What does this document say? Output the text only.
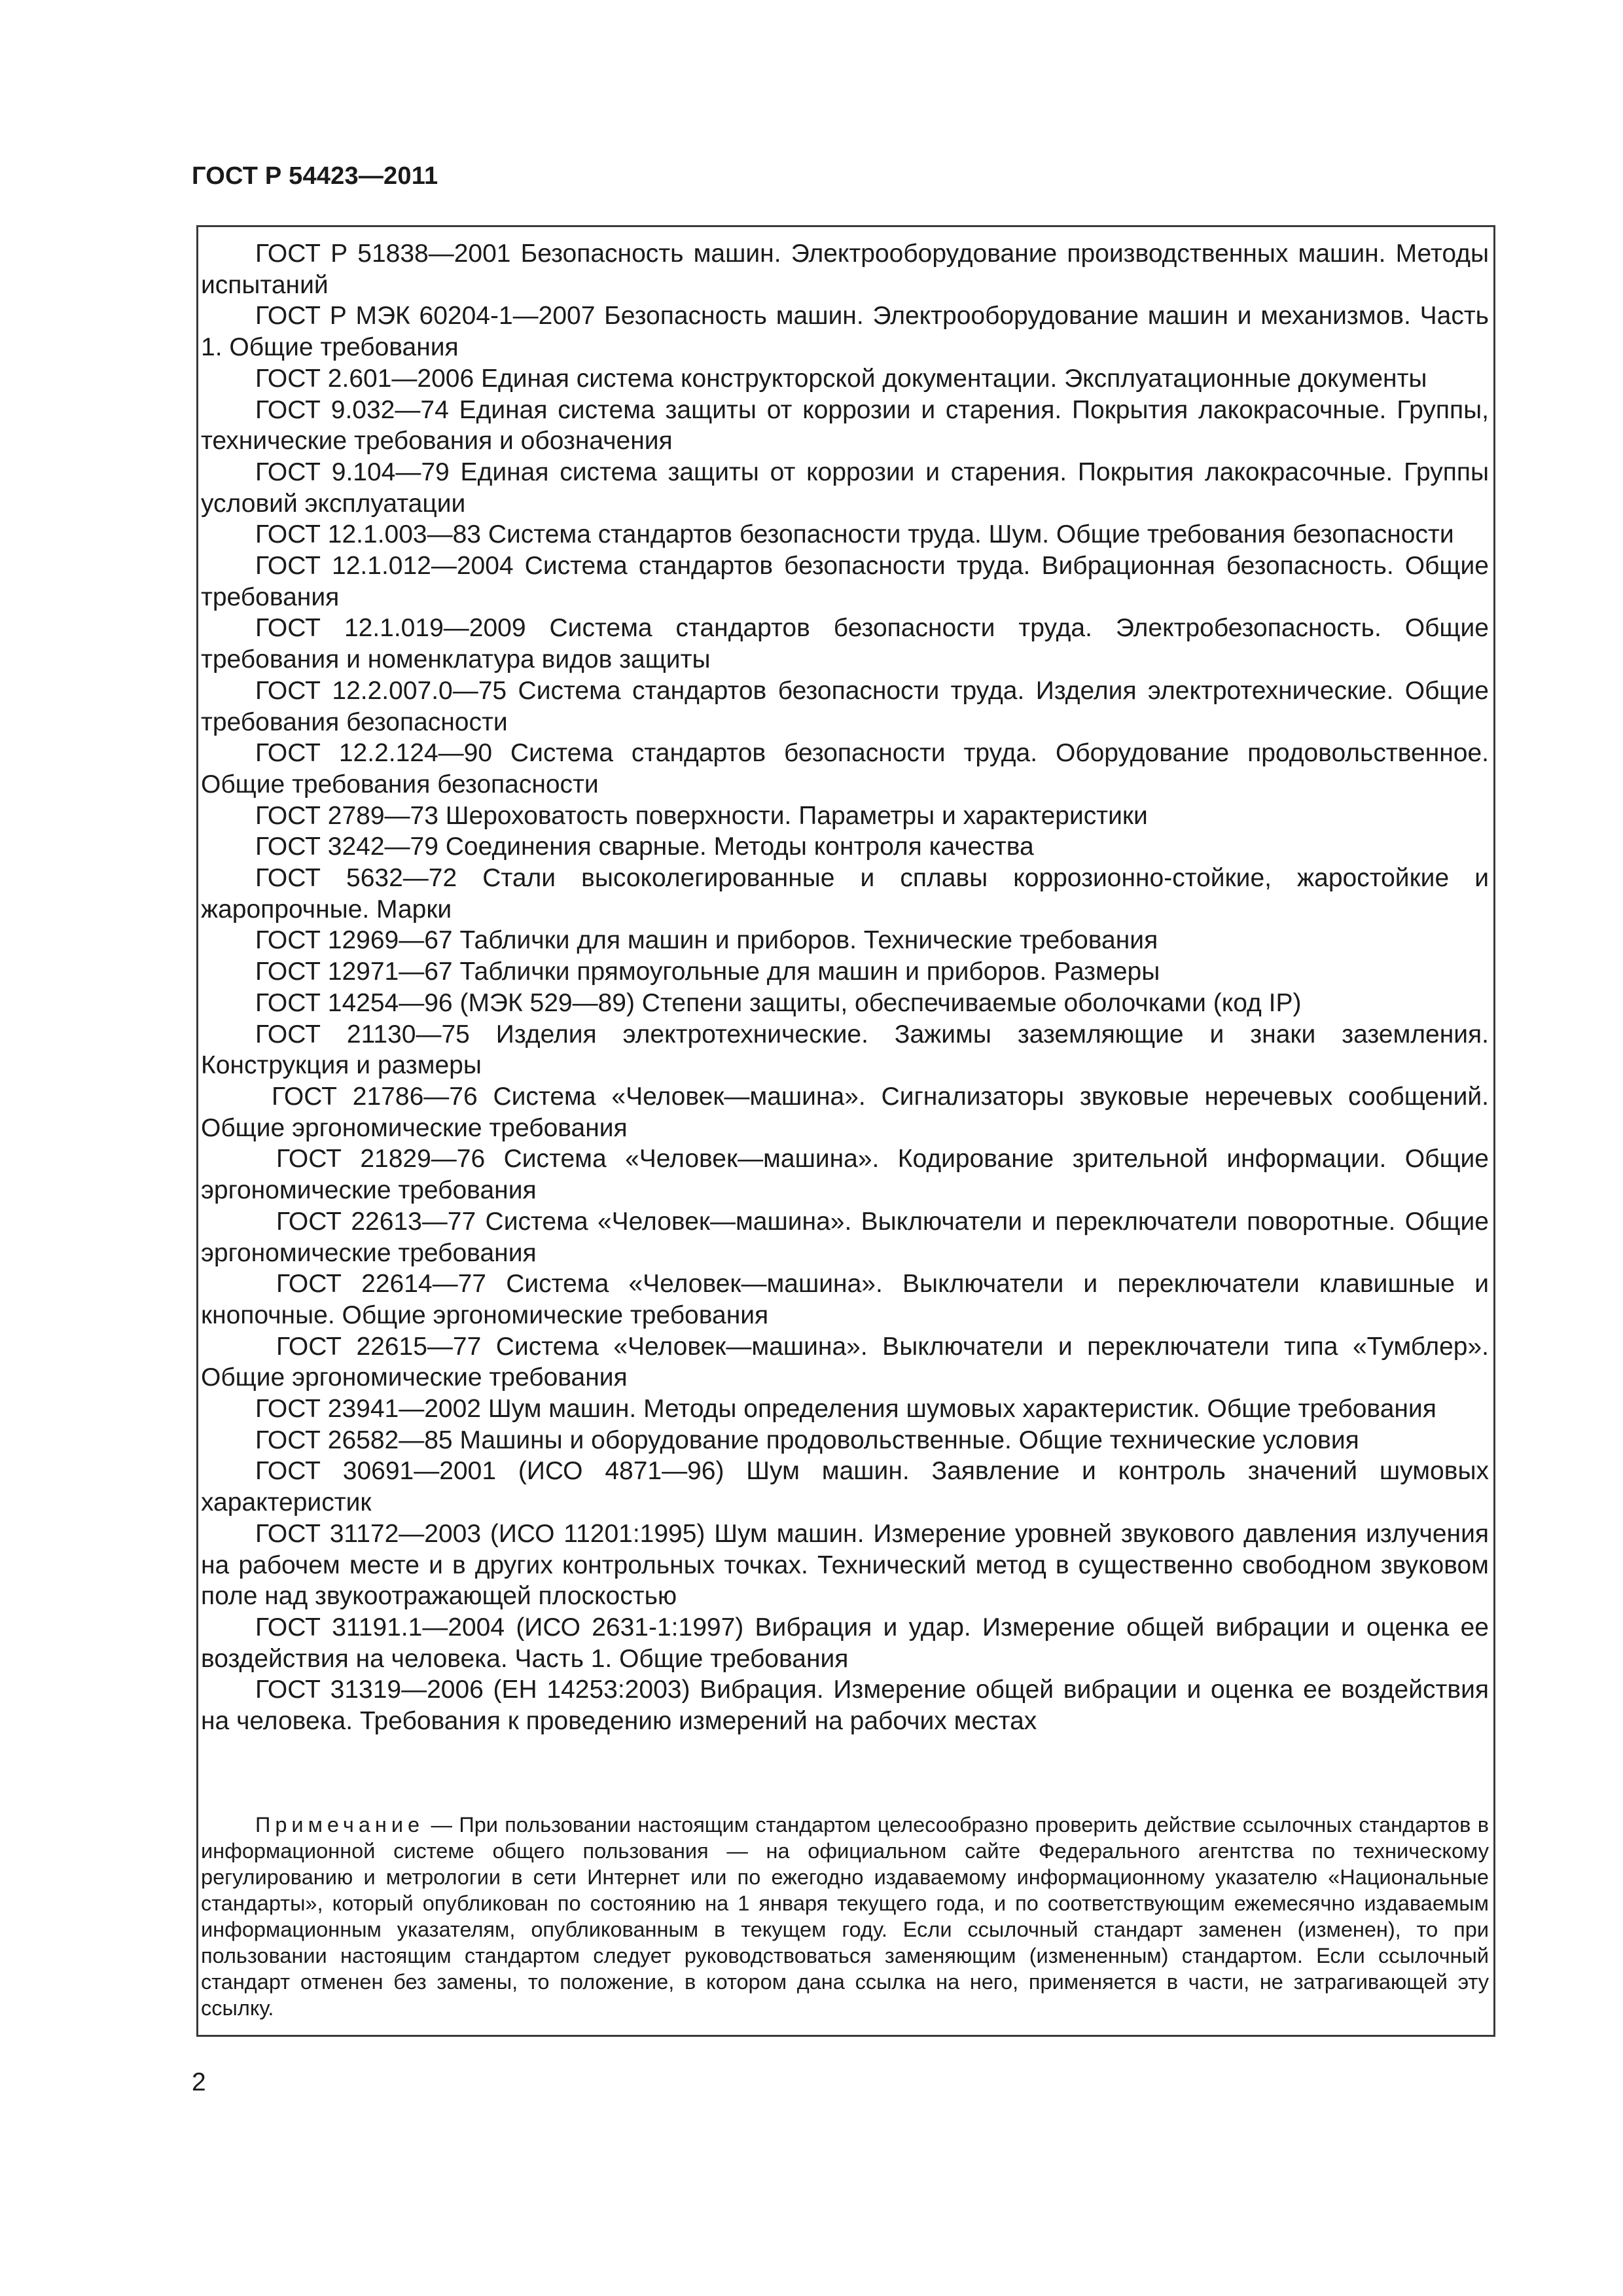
ГОСТ Р 54423—2011
ГОСТ Р 51838—2001 Безопасность машин. Электрооборудование производственных машин. Методы испытаний
ГОСТ Р МЭК 60204-1—2007 Безопасность машин. Электрооборудование машин и механизмов. Часть 1. Общие требования
ГОСТ 2.601—2006 Единая система конструкторской документации. Эксплуатационные документы
ГОСТ 9.032—74 Единая система защиты от коррозии и старения. Покрытия лакокрасочные. Группы, технические требования и обозначения
ГОСТ 9.104—79 Единая система защиты от коррозии и старения. Покрытия лакокрасочные. Группы условий эксплуатации
ГОСТ 12.1.003—83 Система стандартов безопасности труда. Шум. Общие требования безопасности
ГОСТ 12.1.012—2004 Система стандартов безопасности труда. Вибрационная безопасность. Общие требования
ГОСТ 12.1.019—2009 Система стандартов безопасности труда. Электробезопасность. Общие требования и номенклатура видов защиты
ГОСТ 12.2.007.0—75 Система стандартов безопасности труда. Изделия электротехнические. Общие требования безопасности
ГОСТ 12.2.124—90 Система стандартов безопасности труда. Оборудование продовольственное. Общие требования безопасности
ГОСТ 2789—73 Шероховатость поверхности. Параметры и характеристики
ГОСТ 3242—79 Соединения сварные. Методы контроля качества
ГОСТ 5632—72 Стали высоколегированные и сплавы коррозионно-стойкие, жаростойкие и жаропрочные. Марки
ГОСТ 12969—67 Таблички для машин и приборов. Технические требования
ГОСТ 12971—67 Таблички прямоугольные для машин и приборов. Размеры
ГОСТ 14254—96 (МЭК 529—89) Степени защиты, обеспечиваемые оболочками (код IP)
ГОСТ 21130—75 Изделия электротехнические. Зажимы заземляющие и знаки заземления. Конструкция и размеры
ГОСТ 21786—76 Система «Человек—машина». Сигнализаторы звуковые неречевых сообщений. Общие эргономические требования
ГОСТ 21829—76 Система «Человек—машина». Кодирование зрительной информации. Общие эргономические требования
ГОСТ 22613—77 Система «Человек—машина». Выключатели и переключатели поворотные. Общие эргономические требования
ГОСТ 22614—77 Система «Человек—машина». Выключатели и переключатели клавишные и кнопочные. Общие эргономические требования
ГОСТ 22615—77 Система «Человек—машина». Выключатели и переключатели типа «Тумблер». Общие эргономические требования
ГОСТ 23941—2002 Шум машин. Методы определения шумовых характеристик. Общие требования
ГОСТ 26582—85 Машины и оборудование продовольственные. Общие технические условия
ГОСТ 30691—2001 (ИСО 4871—96) Шум машин. Заявление и контроль значений шумовых характеристик
ГОСТ 31172—2003 (ИСО 11201:1995) Шум машин. Измерение уровней звукового давления излучения на рабочем месте и в других контрольных точках. Технический метод в существенно свободном звуковом поле над звукоотражающей плоскостью
ГОСТ 31191.1—2004 (ИСО 2631-1:1997) Вибрация и удар. Измерение общей вибрации и оценка ее воздействия на человека. Часть 1. Общие требования
ГОСТ 31319—2006 (ЕН 14253:2003) Вибрация. Измерение общей вибрации и оценка ее воздействия на человека. Требования к проведению измерений на рабочих местах

Примечание — При пользовании настоящим стандартом целесообразно проверить действие ссылочных стандартов в информационной системе общего пользования — на официальном сайте Федерального агентства по техническому регулированию и метрологии в сети Интернет или по ежегодно издаваемому информационному указателю «Национальные стандарты», который опубликован по состоянию на 1 января текущего года, и по соответствующим ежемесячно издаваемым информационным указателям, опубликованным в текущем году. Если ссылочный стандарт заменен (изменен), то при пользовании настоящим стандартом следует руководствоваться заменяющим (измененным) стандартом. Если ссылочный стандарт отменен без замены, то положение, в котором дана ссылка на него, применяется в части, не затрагивающей эту ссылку.

2
